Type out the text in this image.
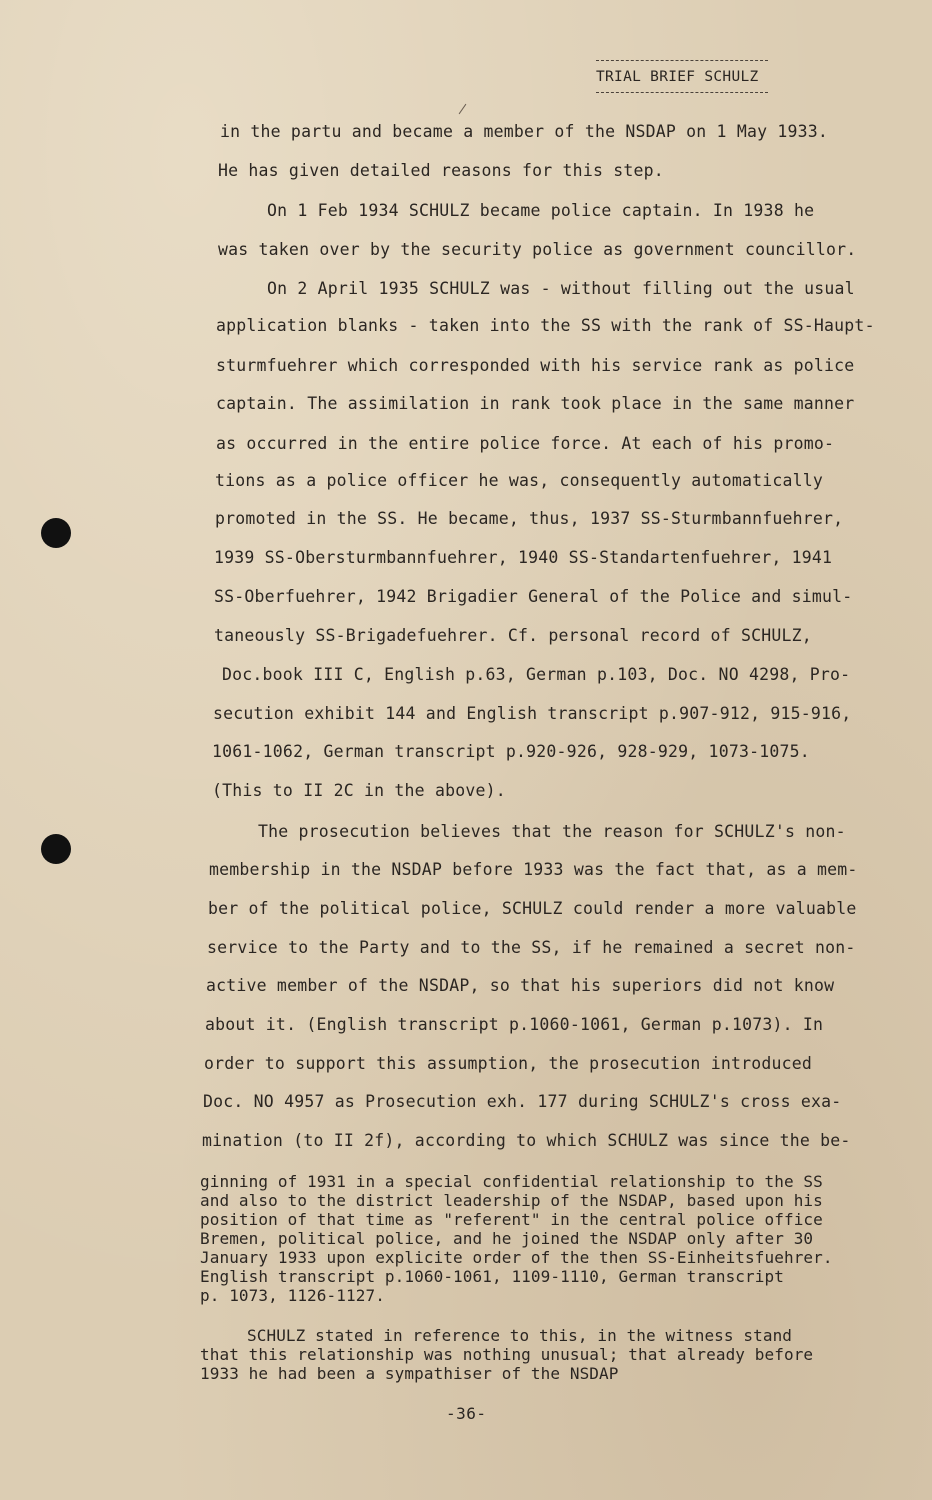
TRIAL BRIEF SCHULZ
in the partu and became a member of the NSDAP on 1 May 1933.
He has given detailed reasons for this step.
On 1 Feb 1934 SCHULZ became police captain. In 1938 he
was taken over by the security police as government councillor.
On 2 April 1935 SCHULZ was - without filling out the usual
application blanks - taken into the SS with the rank of SS-Haupt-
sturmfuehrer which corresponded with his service rank as police
captain. The assimilation in rank took place in the same manner
as occurred in the entire police force. At each of his promo-
tions as a police officer he was, consequently automatically
promoted in the SS. He became, thus, 1937 SS-Sturmbannfuehrer,
1939 SS-Obersturmbannfuehrer, 1940 SS-Standartenfuehrer, 1941
SS-Oberfuehrer, 1942 Brigadier General of the Police and simul-
taneously SS-Brigadefuehrer. Cf. personal record of SCHULZ,
Doc.book III C, English p.63, German p.103, Doc. NO 4298, Pro-
secution exhibit 144 and English transcript p.907-912, 915-916,
1061-1062, German transcript p.920-926, 928-929, 1073-1075.
(This to II 2C in the above).
The prosecution believes that the reason for SCHULZ's non-
membership in the NSDAP before 1933 was the fact that, as a mem-
ber of the political police, SCHULZ could render a more valuable
service to the Party and to the SS, if he remained a secret non-
active member of the NSDAP, so that his superiors did not know
about it. (English transcript p.1060-1061, German p.1073). In
order to support this assumption, the prosecution introduced
Doc. NO 4957 as Prosecution exh. 177 during SCHULZ's cross exa-
mination (to II 2f), according to which SCHULZ was since the be-
ginning of 1931 in a special confidential relationship to the SS
and also to the district leadership of the NSDAP, based upon his
position of that time as "referent" in the central police office
Bremen, political police, and he joined the NSDAP only after 30
January 1933 upon explicite order of the then SS-Einheitsfuehrer.
English transcript p.1060-1061, 1109-1110, German transcript
p. 1073, 1126-1127.
SCHULZ stated in reference to this, in the witness stand
that this relationship was nothing unusual; that already before
1933 he had been a sympathiser of the NSDAP
-36-
